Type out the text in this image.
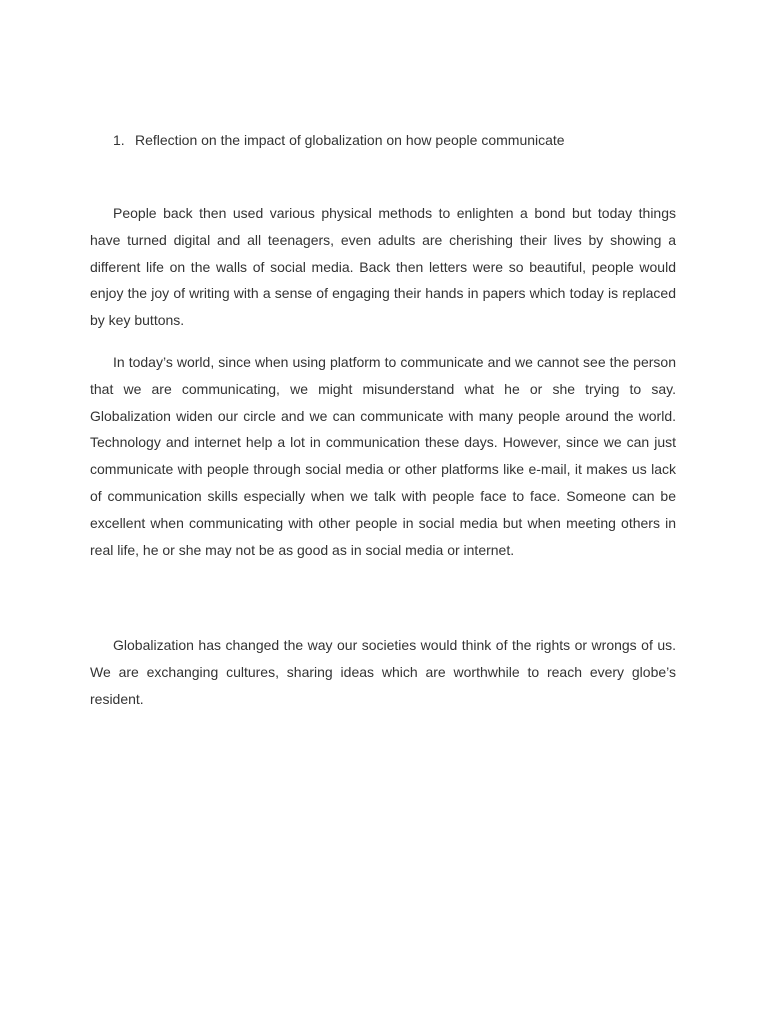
1. Reflection on the impact of globalization on how people communicate

People back then used various physical methods to enlighten a bond but today things have turned digital and all teenagers, even adults are cherishing their lives by showing a different life on the walls of social media. Back then letters were so beautiful, people would enjoy the joy of writing with a sense of engaging their hands in papers which today is replaced by key buttons.

In today’s world, since when using platform to communicate and we cannot see the person that we are communicating, we might misunderstand what he or she trying to say. Globalization widen our circle and we can communicate with many people around the world. Technology and internet help a lot in communication these days. However, since we can just communicate with people through social media or other platforms like e-mail, it makes us lack of communication skills especially when we talk with people face to face. Someone can be excellent when communicating with other people in social media but when meeting others in real life, he or she may not be as good as in social media or internet.

Globalization has changed the way our societies would think of the rights or wrongs of us. We are exchanging cultures, sharing ideas which are worthwhile to reach every globe’s resident.
